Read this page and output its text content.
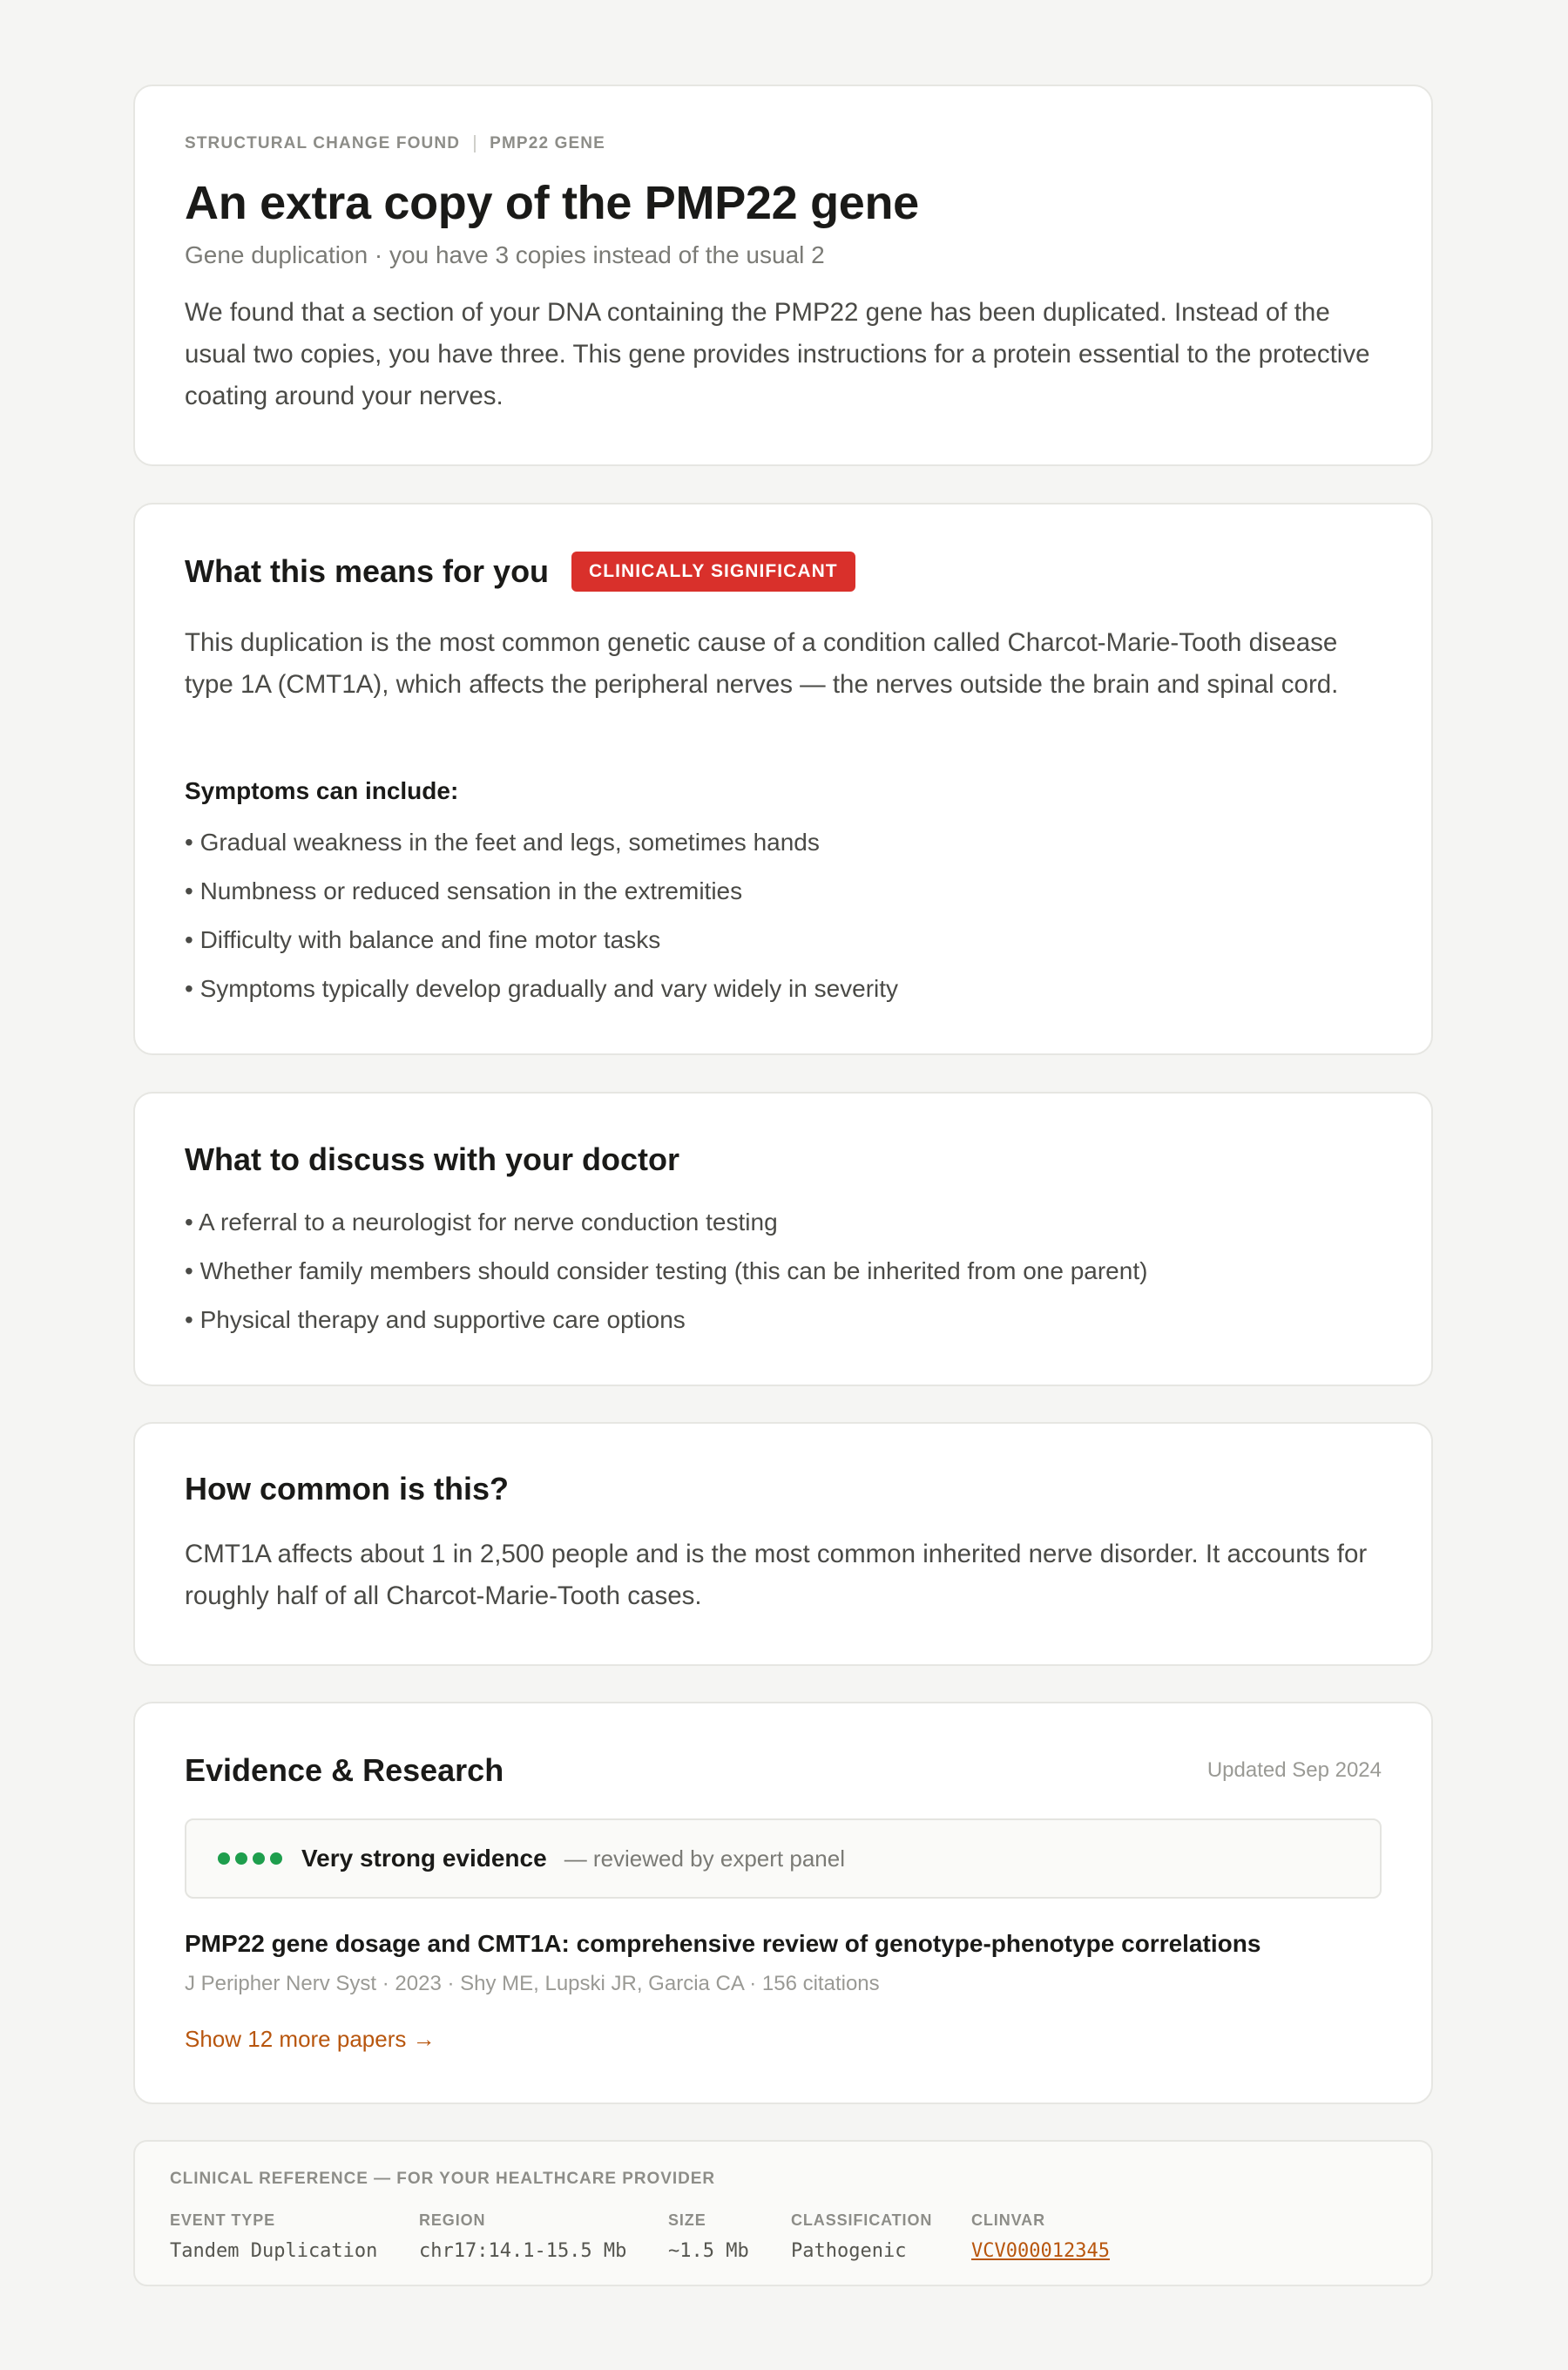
STRUCTURAL CHANGE FOUND PMP22 GENE
An extra copy of the PMP22 gene
Gene duplication · you have 3 copies instead of the usual 2
We found that a section of your DNA containing the PMP22 gene has been duplicated. Instead of the usual two copies, you have three. This gene provides instructions for a protein essential to the protective coating around your nerves.
What this means for you	CLINICALLY SIGNIFICANT
This duplication is the most common genetic cause of a condition called Charcot-Marie-Tooth disease type 1A (CMT1A), which affects the peripheral nerves — the nerves outside the brain and spinal cord.
Symptoms can include:
• Gradual weakness in the feet and legs, sometimes hands
• Numbness or reduced sensation in the extremities
• Difficulty with balance and fine motor tasks
• Symptoms typically develop gradually and vary widely in severity
What to discuss with your doctor
• A referral to a neurologist for nerve conduction testing
• Whether family members should consider testing (this can be inherited from one parent)
• Physical therapy and supportive care options
How common is this?
CMT1A affects about 1 in 2,500 people and is the most common inherited nerve disorder. It accounts for roughly half of all Charcot-Marie-Tooth cases.
Evidence & Research	Updated Sep 2024
Very strong evidence — reviewed by expert panel
PMP22 gene dosage and CMT1A: comprehensive review of genotype-phenotype correlations
J Peripher Nerv Syst · 2023 · Shy ME, Lupski JR, Garcia CA · 156 citations
Show 12 more papers →
CLINICAL REFERENCE — FOR YOUR HEALTHCARE PROVIDER
EVENT TYPE
Tandem Duplication
REGION
chr17:14.1-15.5 Mb
SIZE
~1.5 Mb
CLASSIFICATION
Pathogenic
CLINVAR
VCV000012345
